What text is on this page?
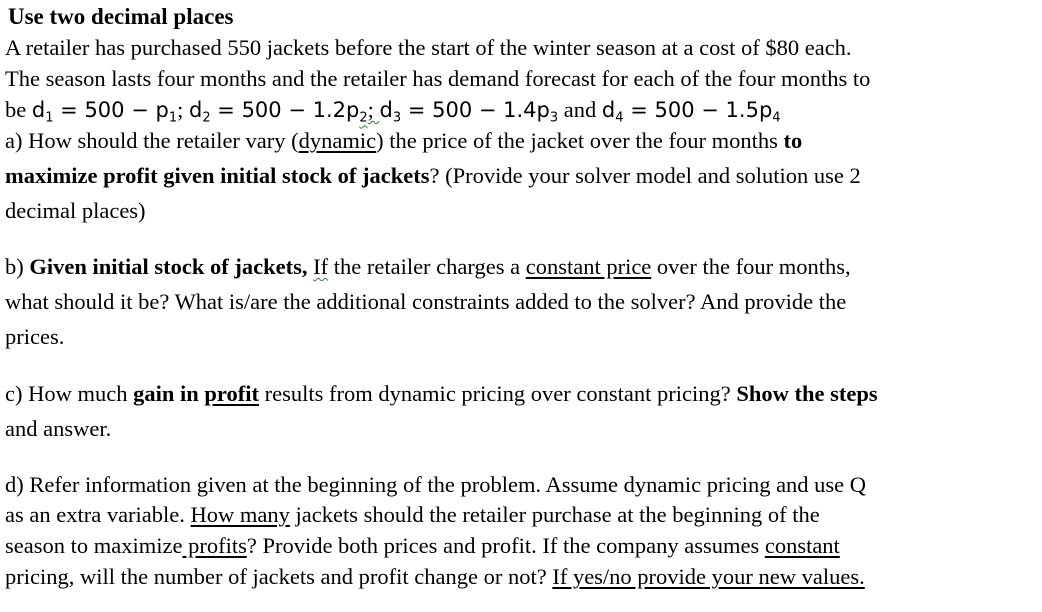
Use two decimal places
A retailer has purchased 550 jackets before the start of the winter season at a cost of $80 each.
The season lasts four months and the retailer has demand forecast for each of the four months to
be $d_1 = 500 - p_1$; $d_2 = 500 - 1.2p_2$; $d_3 = 500 - 1.4p_3$ and $d_4 = 500 - 1.5p_4$
a) How should the retailer vary (dynamic) the price of the jacket over the four months to
maximize profit given initial stock of jackets? (Provide your solver model and solution use 2
decimal places)
b) Given initial stock of jackets, If the retailer charges a constant price over the four months,
what should it be? What is/are the additional constraints added to the solver? And provide the
prices.
c) How much gain in profit results from dynamic pricing over constant pricing? Show the steps
and answer.
d) Refer information given at the beginning of the problem. Assume dynamic pricing and use Q
as an extra variable. How many jackets should the retailer purchase at the beginning of the
season to maximize profits? Provide both prices and profit. If the company assumes constant
pricing, will the number of jackets and profit change or not? If yes/no provide your new values.
